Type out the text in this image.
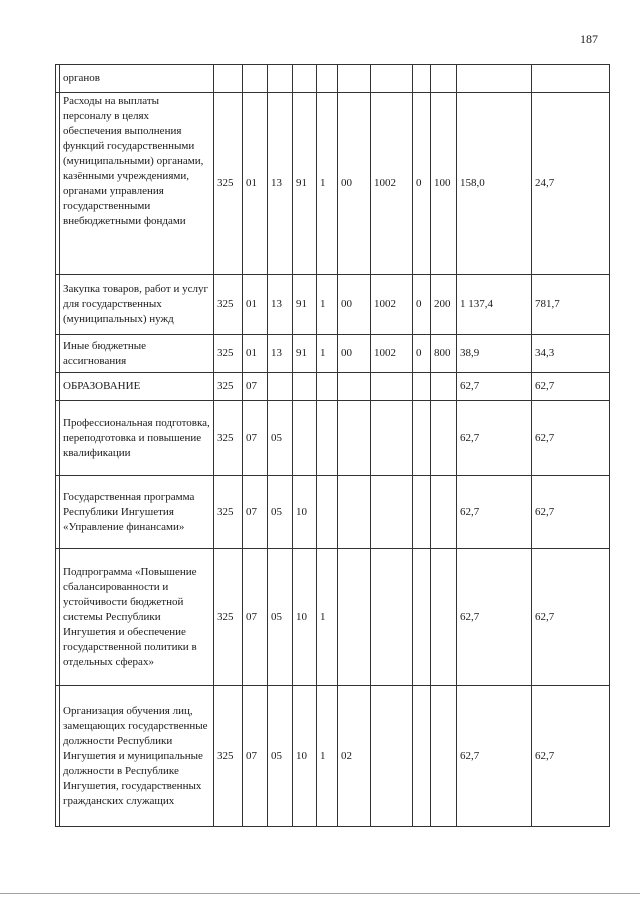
187
	органов											
	Расходы на выплаты персоналу в целях обеспечения выполнения функций государственными (муниципальными) органами, казёнными учреждениями, органами управления государственными внебюджетными фондами	325	01	13	91	1	00	1002	0	100	158,0	24,7
	Закупка товаров, работ и услуг для государственных (муниципальных) нужд	325	01	13	91	1	00	1002	0	200	1 137,4	781,7
	Иные бюджетные ассигнования	325	01	13	91	1	00	1002	0	800	38,9	34,3
	ОБРАЗОВАНИЕ	325	07								62,7	62,7
	Профессиональная подготовка, переподготовка и повышение квалификации	325	07	05							62,7	62,7
	Государственная программа Республики Ингушетия «Управление финансами»	325	07	05	10						62,7	62,7
	Подпрограмма «Повышение сбалансированности и устойчивости бюджетной системы Республики Ингушетия и обеспечение государственной политики в отдельных сферах»	325	07	05	10	1					62,7	62,7
	Организация обучения лиц, замещающих государственные должности Республики Ингушетия и муниципальные должности в Республике Ингушетия, государственных гражданских служащих	325	07	05	10	1	02				62,7	62,7
